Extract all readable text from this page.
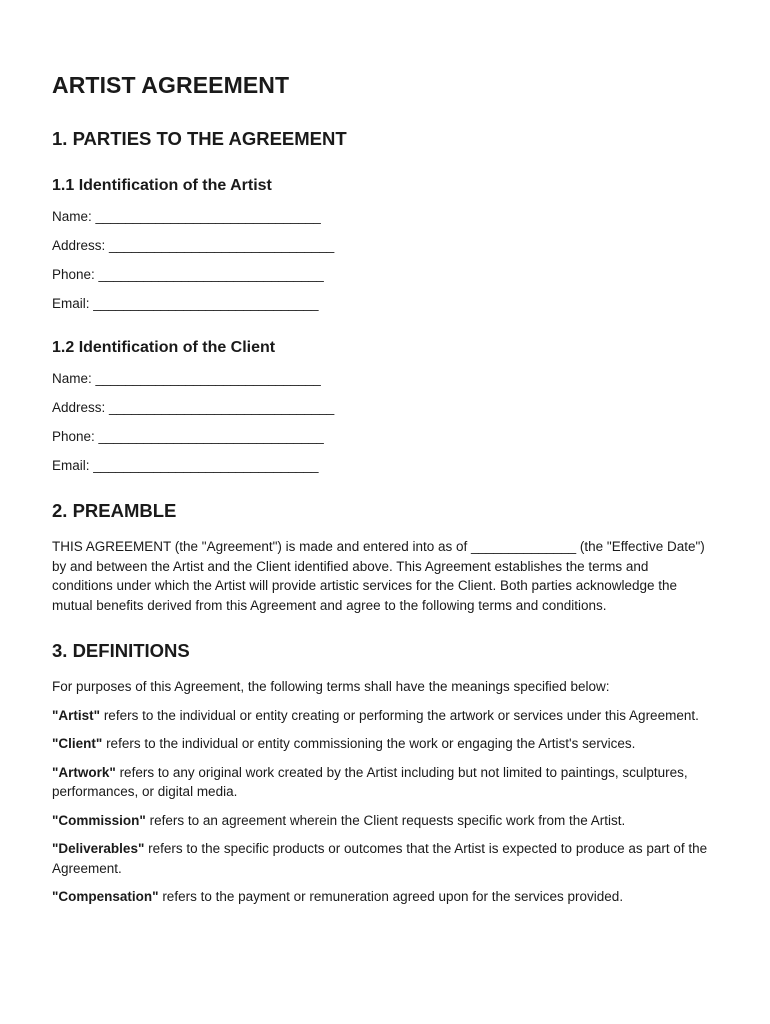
ARTIST AGREEMENT
1. PARTIES TO THE AGREEMENT
1.1 Identification of the Artist
Name: ______________________________
Address: ______________________________
Phone: ______________________________
Email: ______________________________
1.2 Identification of the Client
Name: ______________________________
Address: ______________________________
Phone: ______________________________
Email: ______________________________
2. PREAMBLE

THIS AGREEMENT (the "Agreement") is made and entered into as of ______________ (the "Effective Date") by and between the Artist and the Client identified above. This Agreement establishes the terms and conditions under which the Artist will provide artistic services for the Client. Both parties acknowledge the mutual benefits derived from this Agreement and agree to the following terms and conditions.

3. DEFINITIONS

For purposes of this Agreement, the following terms shall have the meanings specified below:

"Artist" refers to the individual or entity creating or performing the artwork or services under this Agreement.

"Client" refers to the individual or entity commissioning the work or engaging the Artist's services.

"Artwork" refers to any original work created by the Artist including but not limited to paintings, sculptures, performances, or digital media.

"Commission" refers to an agreement wherein the Client requests specific work from the Artist.

"Deliverables" refers to the specific products or outcomes that the Artist is expected to produce as part of the Agreement.

"Compensation" refers to the payment or remuneration agreed upon for the services provided.
